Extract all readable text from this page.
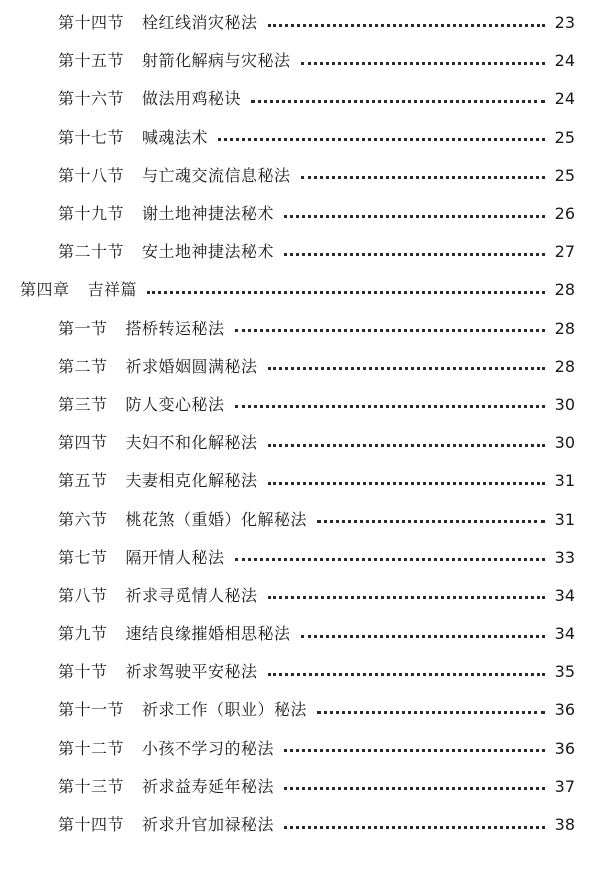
第十四节 栓红线消灾秘法	23
第十五节 射箭化解病与灾秘法	24
第十六节 做法用鸡秘诀	24
第十七节 喊魂法术	25
第十八节 与亡魂交流信息秘法	25
第十九节 谢土地神捷法秘术	26
第二十节 安土地神捷法秘术	27
第四章 吉祥篇	28
第一节 搭桥转运秘法	28
第二节 祈求婚姻圆满秘法	28
第三节 防人变心秘法	30
第四节 夫妇不和化解秘法	30
第五节 夫妻相克化解秘法	31
第六节 桃花煞（重婚）化解秘法	31
第七节 隔开情人秘法	33
第八节 祈求寻觅情人秘法	34
第九节 速结良缘摧婚相思秘法	34
第十节 祈求驾驶平安秘法	35
第十一节 祈求工作（职业）秘法	36
第十二节 小孩不学习的秘法	36
第十三节 祈求益寿延年秘法	37
第十四节 祈求升官加禄秘法	38
